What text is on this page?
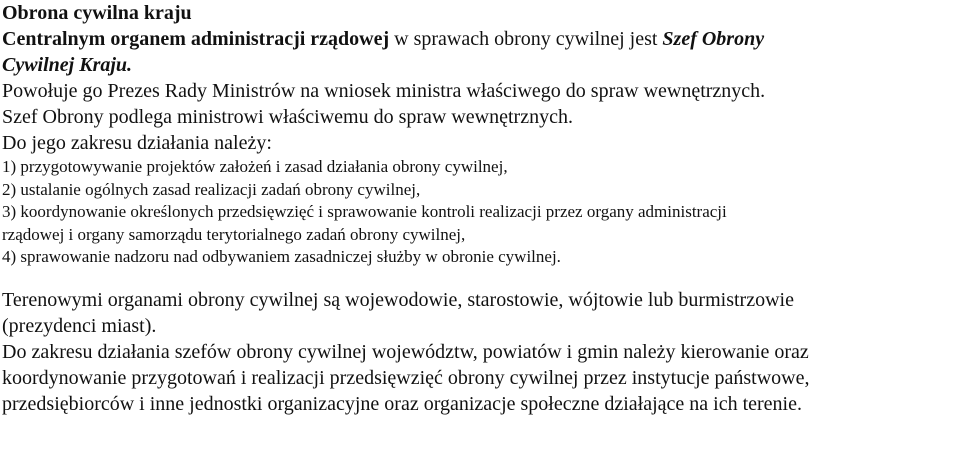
Obrona cywilna kraju
Centralnym organem administracji rządowej w sprawach obrony cywilnej jest Szef Obrony
Cywilnej Kraju.
Powołuje go Prezes Rady Ministrów na wniosek ministra właściwego do spraw wewnętrznych.
Szef Obrony podlega ministrowi właściwemu do spraw wewnętrznych.
Do jego zakresu działania należy:
1) przygotowywanie projektów założeń i zasad działania obrony cywilnej,
2) ustalanie ogólnych zasad realizacji zadań obrony cywilnej,
3) koordynowanie określonych przedsięwzięć i sprawowanie kontroli realizacji przez organy administracji
rządowej i organy samorządu terytorialnego zadań obrony cywilnej,
4) sprawowanie nadzoru nad odbywaniem zasadniczej służby w obronie cywilnej.
Terenowymi organami obrony cywilnej są wojewodowie, starostowie, wójtowie lub burmistrzowie
(prezydenci miast).
Do zakresu działania szefów obrony cywilnej województw, powiatów i gmin należy kierowanie oraz
koordynowanie przygotowań i realizacji przedsięwzięć obrony cywilnej przez instytucje państwowe,
przedsiębiorców i inne jednostki organizacyjne oraz organizacje społeczne działające na ich terenie.
